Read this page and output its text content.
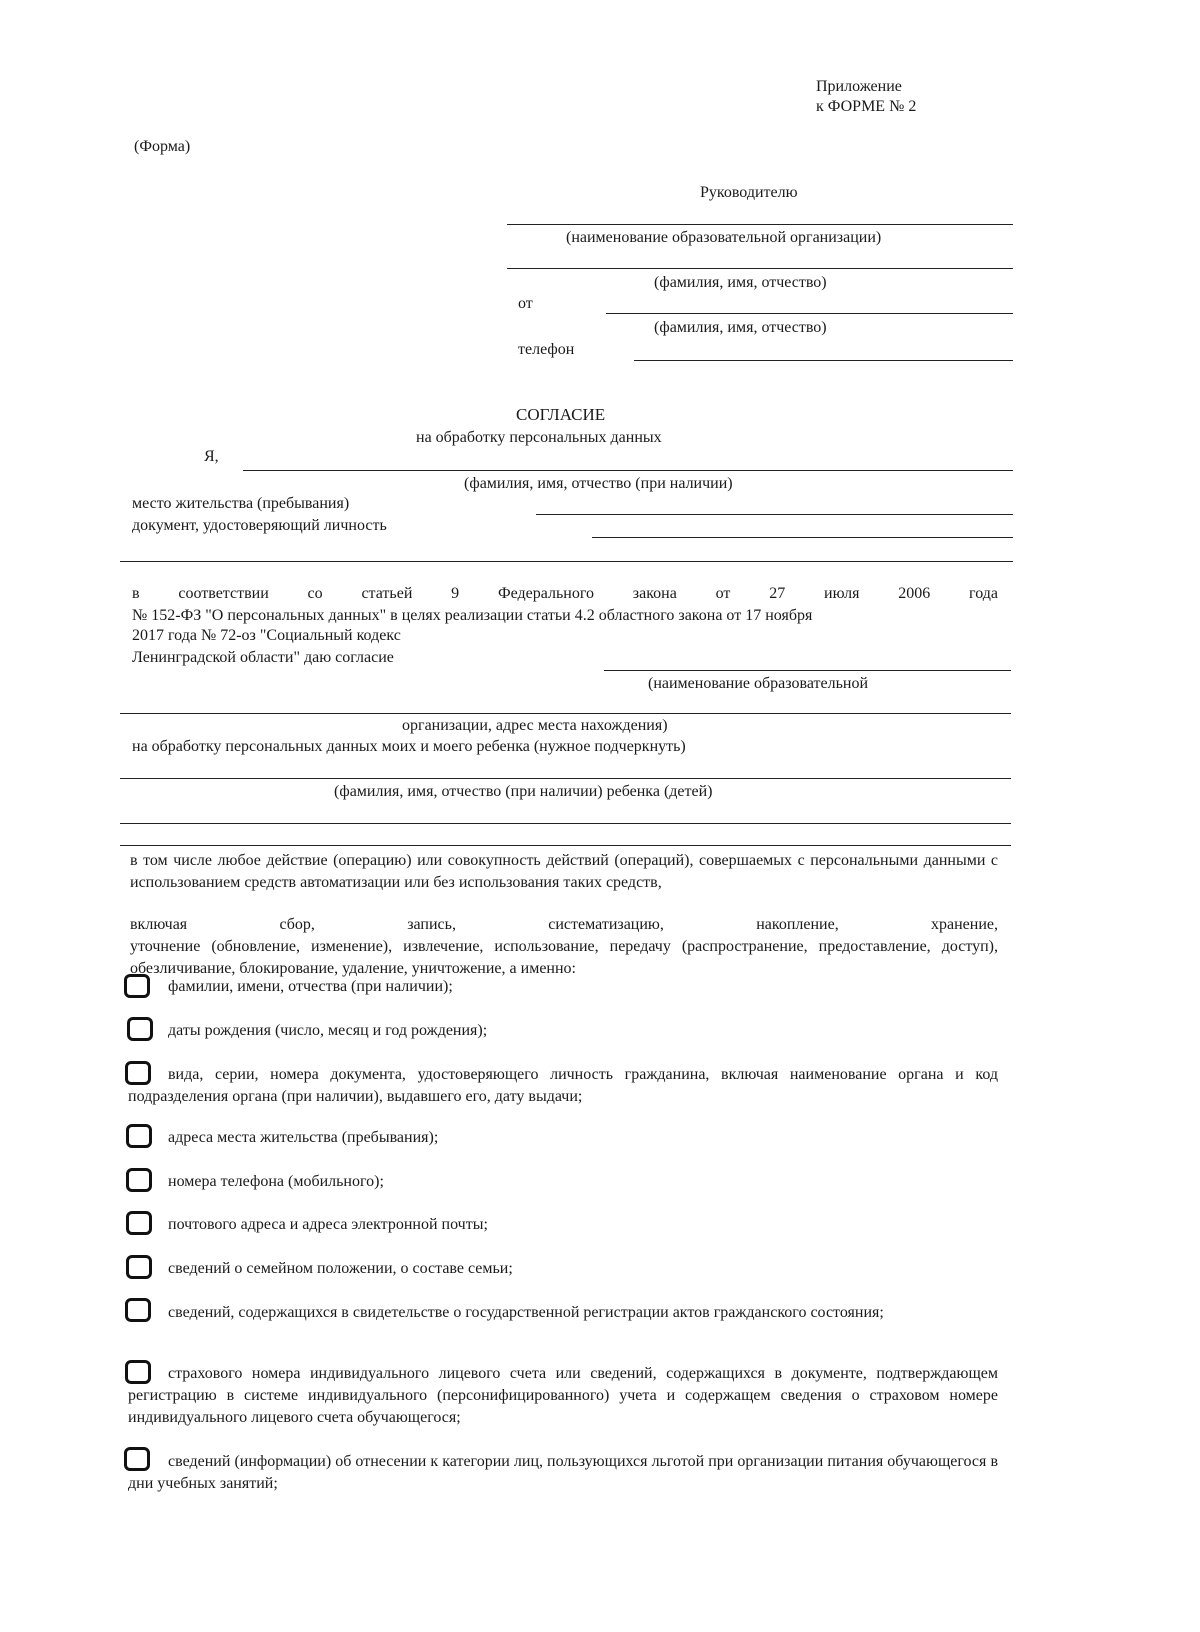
Приложение
к ФОРМЕ № 2
(Форма)
Руководителю
(наименование образовательной организации)
(фамилия, имя, отчество)
от
(фамилия, имя, отчество)
телефон
СОГЛАСИЕ
на обработку персональных данных
Я,
(фамилия, имя, отчество (при наличии)
место жительства (пребывания)
документ, удостоверяющий личность
в соответствии со статьей 9 Федерального закона от 27 июля 2006 года
№ 152-ФЗ "О персональных данных" в целях реализации статьи 4.2 областного закона от 17 ноября
2017 года № 72-оз "Социальный кодекс
Ленинградской области" даю согласие
(наименование образовательной
организации, адрес места нахождения)
на обработку персональных данных моих и моего ребенка (нужное подчеркнуть)
(фамилия, имя, отчество (при наличии) ребенка (детей)
в том числе любое действие (операцию) или совокупность действий (операций), совершаемых с персональными данными с использованием средств автоматизации или без использования таких средств,
включая сбор, запись, систематизацию, накопление, хранение,
уточнение (обновление, изменение), извлечение, использование, передачу (распространение, предоставление, доступ), обезличивание, блокирование, удаление, уничтожение, а именно:
фамилии, имени, отчества (при наличии);
даты рождения (число, месяц и год рождения);
вида, серии, номера документа, удостоверяющего личность гражданина, включая наименование органа и код подразделения органа (при наличии), выдавшего его, дату выдачи;
адреса места жительства (пребывания);
номера телефона (мобильного);
почтового адреса и адреса электронной почты;
сведений о семейном положении, о составе семьи;
сведений, содержащихся в свидетельстве о государственной регистрации актов гражданского состояния;
страхового номера индивидуального лицевого счета или сведений, содержащихся в документе, подтверждающем регистрацию в системе индивидуального (персонифицированного) учета и содержащем сведения о страховом номере индивидуального лицевого счета обучающегося;
сведений (информации) об отнесении к категории лиц, пользующихся льготой при организации питания обучающегося в дни учебных занятий;
